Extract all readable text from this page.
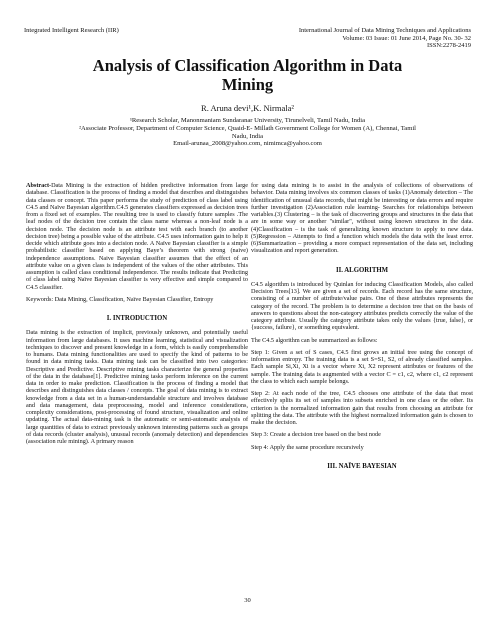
Integrated Intelligent Research (IIR)	International Journal of Data Mining Techniques and Applications
Volume: 03 Issue: 01 June 2014, Page No. 30- 32
ISSN:2278-2419
Analysis of Classification Algorithm in Data
Mining
R. Aruna devi¹,K. Nirmala²
¹Research Scholar, Manonmaniam Sundaranar University, Tirunelveli, Tamil Nadu, India
²Associate Professor, Department of Computer Science, Quaid-E- Millath Government College for Women (A), Chennai, Tamil
Nadu, India
Email-arunaa_2008@yahoo.com, nimimca@yahoo.com

Abstract-Data Mining is the extraction of hidden predictive information from large database. Classification is the process of finding a model that describes and distinguishes data classes or concept. This paper performs the study of prediction of class label using C4.5 and Naïve Bayesian algorithm.C4.5 generates classifiers expressed as decision trees from a fixed set of examples. The resulting tree is used to classify future samples .The leaf nodes of the decision tree contain the class name whereas a non-leaf node is a decision node. The decision node is an attribute test with each branch (to another decision tree) being a possible value of the attribute. C4.5 uses information gain to help it decide which attribute goes into a decision node. A Naïve Bayesian classifier is a simple probabilistic classifier based on applying Baye’s theorem with strong (naive) independence assumptions. Naive Bayesian classifier assumes that the effect of an attribute value on a given class is independent of the values of the other attributes. This assumption is called class conditional independence. The results indicate that Predicting of class label using Naïve Bayesian classifier is very effective and simple compared to C4.5 classifier.

Keywords: Data Mining, Classification, Naïve Bayesian Classifier, Entropy

I. INTRODUCTION

Data mining is the extraction of implicit, previously unknown, and potentially useful information from large databases. It uses machine learning, statistical and visualization techniques to discover and present knowledge in a form, which is easily comprehensible to humans. Data mining functionalities are used to specify the kind of patterns to be found in data mining tasks. Data mining task can be classified into two categories: Descriptive and Predictive. Descriptive mining tasks characterize the general properties of the data in the database[1]. Predictive mining tasks perform inference on the current data in order to make prediction. Classification is the process of finding a model that describes and distinguishes data classes / concepts. The goal of data mining is to extract knowledge from a data set in a human-understandable structure and involves database and data management, data preprocessing, model and inference considerations, complexity considerations, post-processing of found structure, visualization and online updating. The actual data-mining task is the automatic or semi-automatic analysis of large quantities of data to extract previously unknown interesting patterns such as groups of data records (cluster analysis), unusual records (anomaly detection) and dependencies (association rule mining). A primary reason

for using data mining is to assist in the analysis of collections of observations of behavior. Data mining involves six common classes of tasks (1)Anomaly detection – The identification of unusual data records, that might be interesting or data errors and require further investigation (2)Association rule learning- Searches for relationships between variables.(3) Clustering – is the task of discovering groups and structures in the data that are in some way or another "similar", without using known structures in the data.(4)Classification – is the task of generalizing known structure to apply to new data.(5)Regression – Attempts to find a function which models the data with the least error.(6)Summarization – providing a more compact representation of the data set, including visualization and report generation.

II. ALGORITHM

C4.5 algorithm is introduced by Quinlan for inducing Classification Models, also called Decision Trees[13]. We are given a set of records. Each record has the same structure, consisting of a number of attribute/value pairs. One of these attributes represents the category of the record. The problem is to determine a decision tree that on the basis of answers to questions about the non-category attributes predicts correctly the value of the category attribute. Usually the category attribute takes only the values {true, false}, or {success, failure}, or something equivalent.

The C4.5 algorithm can be summarized as follows:

Step 1: Given a set of S cases, C4.5 first grows an initial tree using the concept of information entropy. The training data is a set S=S1, S2, of already classified samples. Each sample Si,Xi, Xi is a vector where Xi, X2 represent attributes or features of the sample. The training data is augmented with a vector C = c1, c2, where c1, c2 represent the class to which each sample belongs.

Step 2: At each node of the tree, C4.5 chooses one attribute of the data that most effectively splits its set of samples into subsets enriched in one class or the other. Its criterion is the normalized information gain that results from choosing an attribute for splitting the data. The attribute with the highest normalized information gain is chosen to make the decision.

Step 3: Create a decision tree based on the best node

Step 4: Apply the same procedure recursively

III. NAÏVE BAYESIAN
30
